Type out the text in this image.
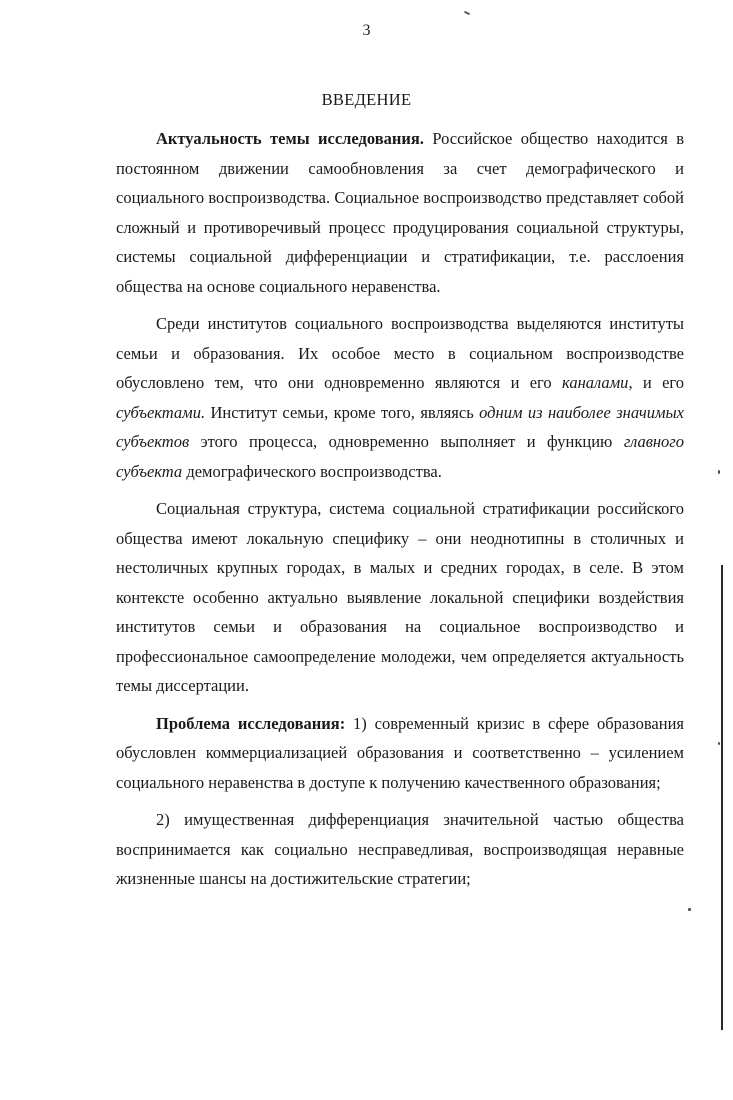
3
ВВЕДЕНИЕ

Актуальность темы исследования. Российское общество находится в постоянном движении самообновления за счет демографического и социального воспроизводства. Социальное воспроизводство представляет собой сложный и противоречивый процесс продуцирования социальной структуры, системы социальной дифференциации и стратификации, т.е. расслоения общества на основе социального неравенства.

Среди институтов социального воспроизводства выделяются институты семьи и образования. Их особое место в социальном воспроизводстве обусловлено тем, что они одновременно являются и его каналами, и его субъектами. Институт семьи, кроме того, являясь одним из наиболее значимых субъектов этого процесса, одновременно выполняет и функцию главного субъекта демографического воспроизводства.

Социальная структура, система социальной стратификации российского общества имеют локальную специфику – они неоднотипны в столичных и нестоличных крупных городах, в малых и средних городах, в селе. В этом контексте особенно актуально выявление локальной специфики воздействия институтов семьи и образования на социальное воспроизводство и профессиональное самоопределение молодежи, чем определяется актуальность темы диссертации.

Проблема исследования: 1) современный кризис в сфере образования обусловлен коммерциализацией образования и соответственно – усилением социального неравенства в доступе к получению качественного образования;

2) имущественная дифференциация значительной частью общества воспринимается как социально несправедливая, воспроизводящая неравные жизненные шансы на достижительские стратегии;
